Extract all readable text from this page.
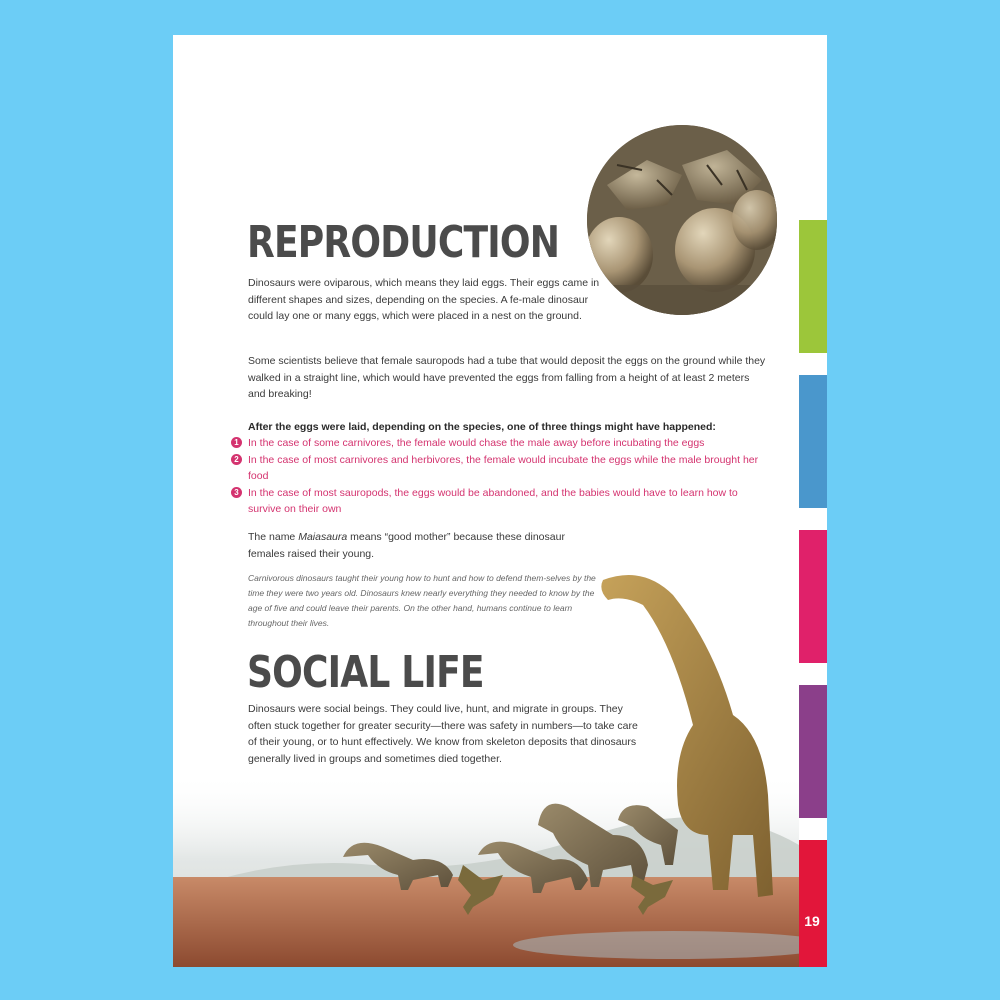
19
REPRODUCTION

Dinosaurs were oviparous, which means they laid eggs. Their eggs came in different shapes and sizes, depending on the species. A fe-male dinosaur could lay one or many eggs, which were placed in a nest on the ground.

Some scientists believe that female sauropods had a tube that would deposit the eggs on the ground while they walked in a straight line, which would have prevented the eggs from falling from a height of at least 2 meters and breaking!

After the eggs were laid, depending on the species, one of three things might have happened:

1 In the case of some carnivores, the female would chase the male away before incubating the eggs
2 In the case of most carnivores and herbivores, the female would incubate the eggs while the male brought her food
3 In the case of most sauropods, the eggs would be abandoned, and the babies would have to learn how to survive on their own

SOCIAL LIFE

Dinosaurs were social beings. They could live, hunt, and migrate in groups. They often stuck together for greater security—there was safety in numbers—to take care of their young, or to hunt effectively. We know from skeleton deposits that dinosaurs generally lived in groups and sometimes died together.
